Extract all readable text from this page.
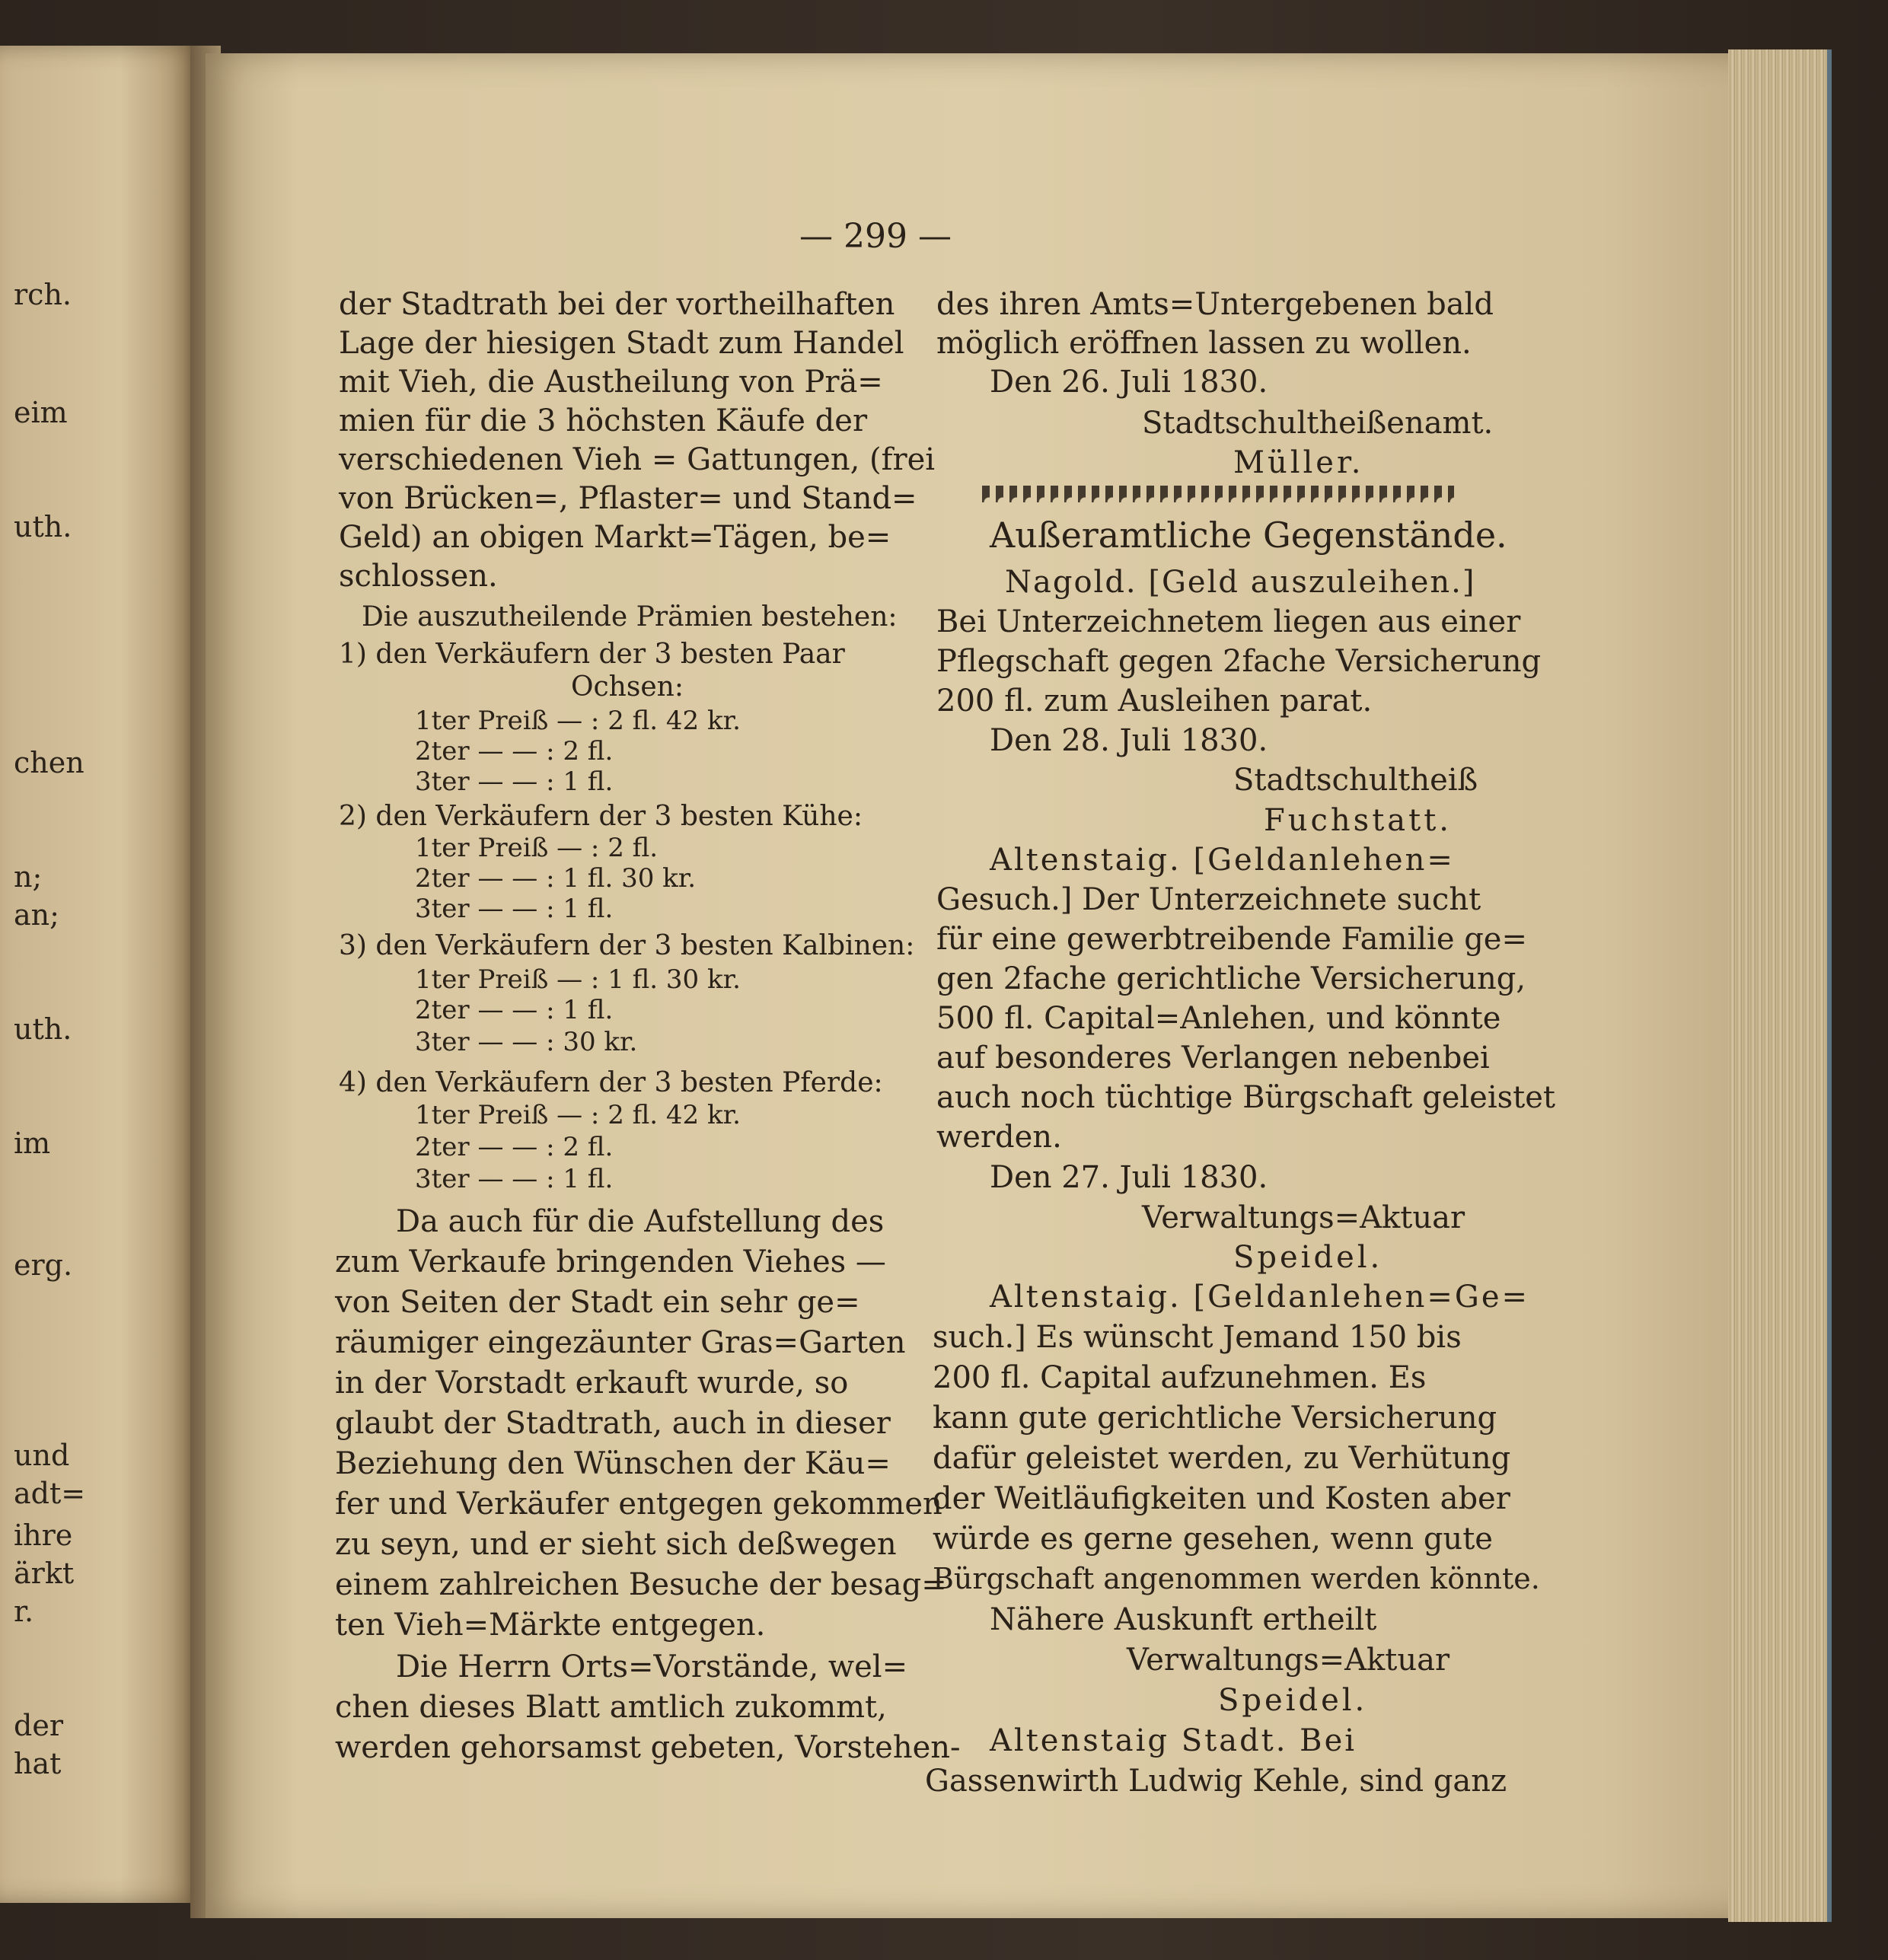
rch.
eim
uth.
chen
n;
an;
uth.
im
erg.
und
adt=
ihre
ärkt
r.
der
hat
— 299 —
der Stadtrath bei der vortheilhaften
Lage der hiesigen Stadt zum Handel
mit Vieh, die Austheilung von Prä=
mien für die 3 höchsten Käufe der
verschiedenen Vieh = Gattungen, (frei
von Brücken=, Pflaster= und Stand=
Geld) an obigen Markt=Tägen, be=
schlossen.
Die auszutheilende Prämien bestehen:
1) den Verkäufern der 3 besten Paar
Ochsen:
1ter Preiß — : 2 fl. 42 kr.
2ter — — : 2 fl.
3ter — — : 1 fl.
2) den Verkäufern der 3 besten Kühe:
1ter Preiß — : 2 fl.
2ter — — : 1 fl. 30 kr.
3ter — — : 1 fl.
3) den Verkäufern der 3 besten Kalbinen:
1ter Preiß — : 1 fl. 30 kr.
2ter — — : 1 fl.
3ter — — : 30 kr.
4) den Verkäufern der 3 besten Pferde:
1ter Preiß — : 2 fl. 42 kr.
2ter — — : 2 fl.
3ter — — : 1 fl.
Da auch für die Aufstellung des
zum Verkaufe bringenden Viehes —
von Seiten der Stadt ein sehr ge=
räumiger eingezäunter Gras=Garten
in der Vorstadt erkauft wurde, so
glaubt der Stadtrath, auch in dieser
Beziehung den Wünschen der Käu=
fer und Verkäufer entgegen gekommen
zu seyn, und er sieht sich deßwegen
einem zahlreichen Besuche der besag=
ten Vieh=Märkte entgegen.
Die Herrn Orts=Vorstände, wel=
chen dieses Blatt amtlich zukommt,
werden gehorsamst gebeten, Vorstehen-
des ihren Amts=Untergebenen bald
möglich eröffnen lassen zu wollen.
Den 26. Juli 1830.
Stadtschultheißenamt.
Müller.
Außeramtliche Gegenstände.
Nagold. [Geld auszuleihen.]
Bei Unterzeichnetem liegen aus einer
Pflegschaft gegen 2fache Versicherung
200 fl. zum Ausleihen parat.
Den 28. Juli 1830.
Stadtschultheiß
Fuchstatt.
Altenstaig. [Geldanlehen=
Gesuch.] Der Unterzeichnete sucht
für eine gewerbtreibende Familie ge=
gen 2fache gerichtliche Versicherung,
500 fl. Capital=Anlehen, und könnte
auf besonderes Verlangen nebenbei
auch noch tüchtige Bürgschaft geleistet
werden.
Den 27. Juli 1830.
Verwaltungs=Aktuar
Speidel.
Altenstaig. [Geldanlehen=Ge=
such.] Es wünscht Jemand 150 bis
200 fl. Capital aufzunehmen. Es
kann gute gerichtliche Versicherung
dafür geleistet werden, zu Verhütung
der Weitläufigkeiten und Kosten aber
würde es gerne gesehen, wenn gute
Bürgschaft angenommen werden könnte.
Nähere Auskunft ertheilt
Verwaltungs=Aktuar
Speidel.
Altenstaig Stadt. Bei
Gassenwirth Ludwig Kehle, sind ganz
